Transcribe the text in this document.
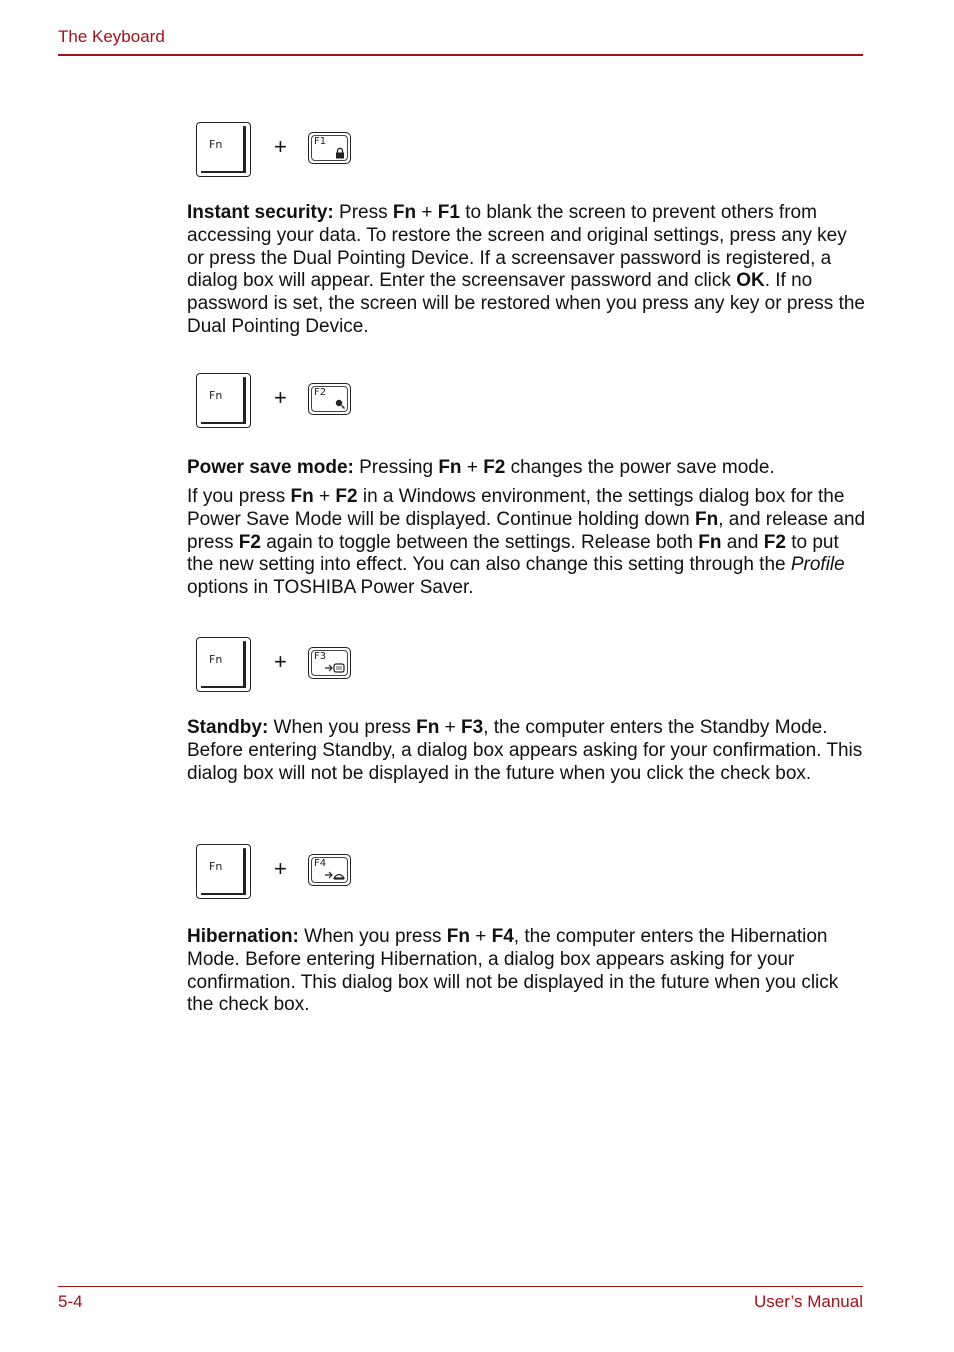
The Keyboard
Fn +	F1
Instant security: Press Fn + F1 to blank the screen to prevent others from accessing your data. To restore the screen and original settings, press any key or press the Dual Pointing Device. If a screensaver password is registered, a dialog box will appear. Enter the screensaver password and click OK. If no password is set, the screen will be restored when you press any key or press the Dual Pointing Device.
Fn +	F2
Power save mode: Pressing Fn + F2 changes the power save mode.
If you press Fn + F2 in a Windows environment, the settings dialog box for the Power Save Mode will be displayed. Continue holding down Fn, and release and press F2 again to toggle between the settings. Release both Fn and F2 to put the new setting into effect. You can also change this setting through the Profile options in TOSHIBA Power Saver.
Fn +	F3
Standby: When you press Fn + F3, the computer enters the Standby Mode. Before entering Standby, a dialog box appears asking for your confirmation. This dialog box will not be displayed in the future when you click the check box.
Fn +	F4
Hibernation: When you press Fn + F4, the computer enters the Hibernation Mode. Before entering Hibernation, a dialog box appears asking for your confirmation. This dialog box will not be displayed in the future when you click the check box.
5-4	User’s Manual
